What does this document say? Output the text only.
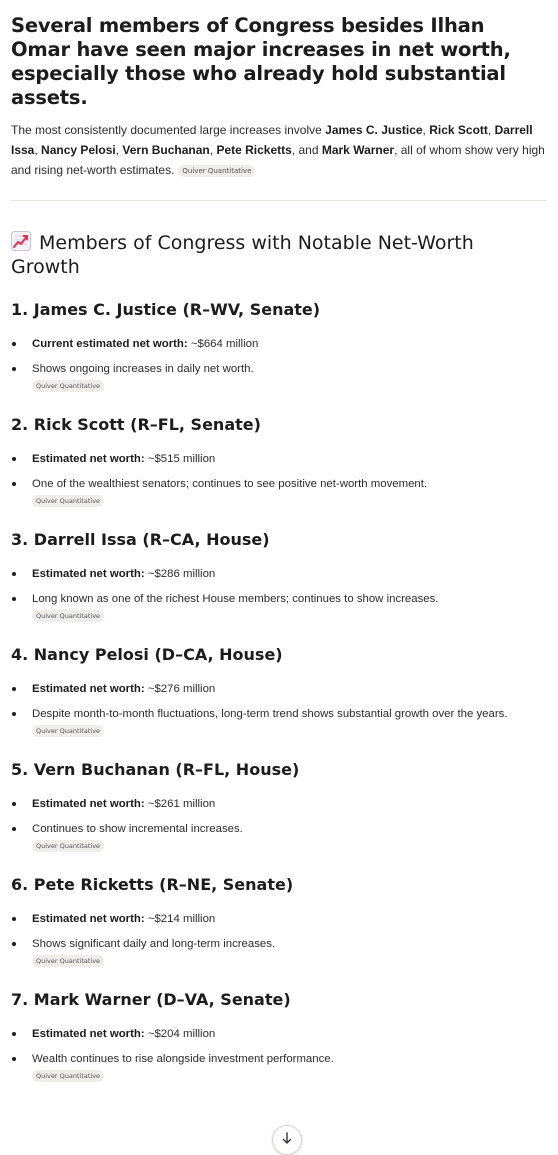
Several members of Congress besides Ilhan Omar have seen major increases in net worth, especially those who already hold substantial assets.

The most consistently documented large increases involve James C. Justice, Rick Scott, Darrell Issa, Nancy Pelosi, Vern Buchanan, Pete Ricketts, and Mark Warner, all of whom show very high and rising net-worth estimates. Quiver Quantitative

Members of Congress with Notable Net-Worth Growth
1. James C. Justice (R–WV, Senate)
Current estimated net worth: ~$664 million
Shows ongoing increases in daily net worth.
Quiver Quantitative
2. Rick Scott (R–FL, Senate)
Estimated net worth: ~$515 million
One of the wealthiest senators; continues to see positive net-worth movement.
Quiver Quantitative
3. Darrell Issa (R–CA, House)
Estimated net worth: ~$286 million
Long known as one of the richest House members; continues to show increases.
Quiver Quantitative
4. Nancy Pelosi (D–CA, House)
Estimated net worth: ~$276 million
Despite month-to-month fluctuations, long-term trend shows substantial growth over the years.
Quiver Quantitative
5. Vern Buchanan (R–FL, House)
Estimated net worth: ~$261 million
Continues to show incremental increases.
Quiver Quantitative
6. Pete Ricketts (R–NE, Senate)
Estimated net worth: ~$214 million
Shows significant daily and long-term increases.
Quiver Quantitative
7. Mark Warner (D–VA, Senate)
Estimated net worth: ~$204 million
Wealth continues to rise alongside investment performance.
Quiver Quantitative
